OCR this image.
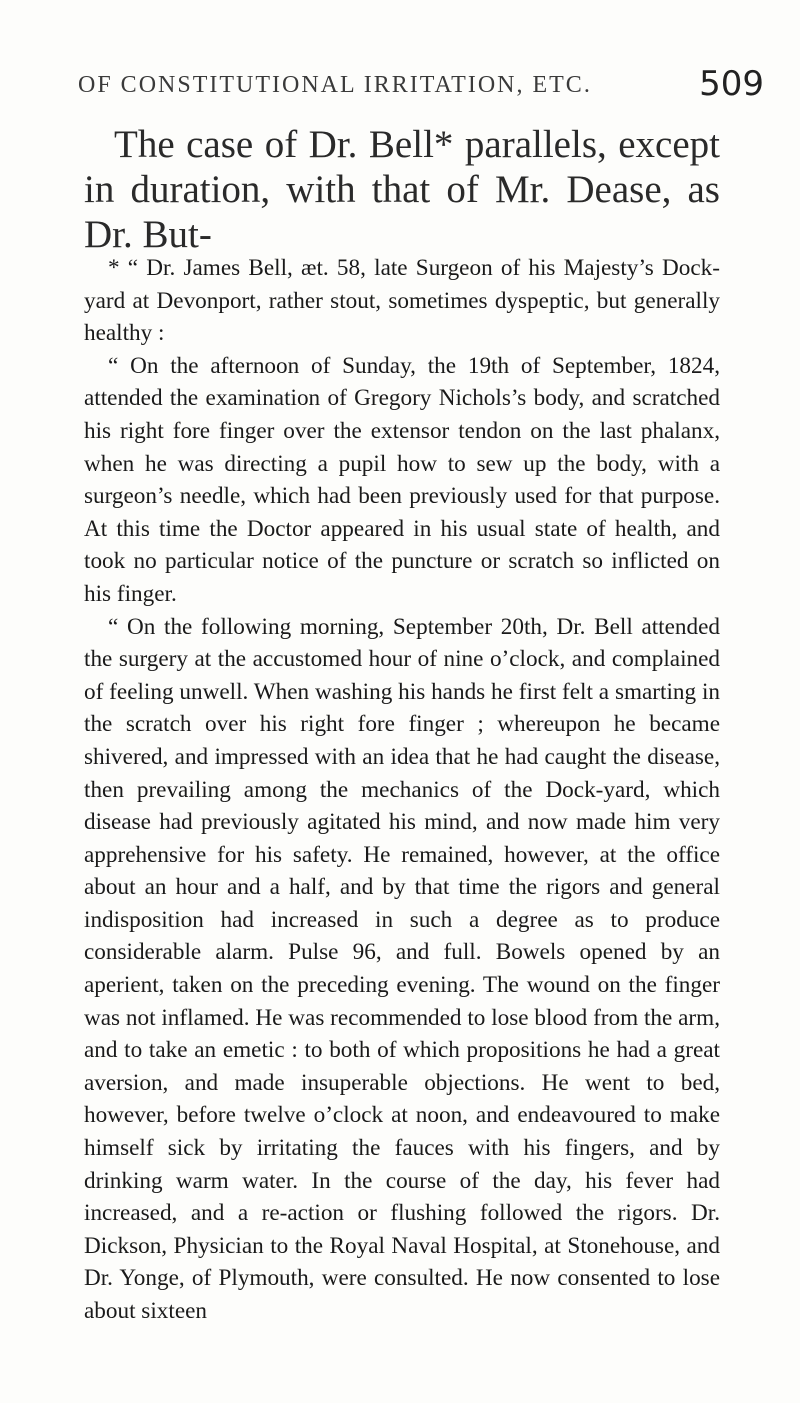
OF CONSTITUTIONAL IRRITATION, ETC.	509

The case of Dr. Bell* parallels, except in duration, with that of Mr. Dease, as Dr. But-

* “ Dr. James Bell, æt. 58, late Surgeon of his Majesty’s Dock-yard at Devonport, rather stout, sometimes dyspeptic, but generally healthy :

“ On the afternoon of Sunday, the 19th of September, 1824, attended the examination of Gregory Nichols’s body, and scratched his right fore finger over the extensor tendon on the last phalanx, when he was directing a pupil how to sew up the body, with a surgeon’s needle, which had been previously used for that purpose. At this time the Doctor appeared in his usual state of health, and took no particular notice of the puncture or scratch so inflicted on his finger.

“ On the following morning, September 20th, Dr. Bell attended the surgery at the accustomed hour of nine o’clock, and complained of feeling unwell. When washing his hands he first felt a smarting in the scratch over his right fore finger ; whereupon he became shivered, and impressed with an idea that he had caught the disease, then prevailing among the mechanics of the Dock-yard, which disease had previously agitated his mind, and now made him very apprehensive for his safety. He remained, however, at the office about an hour and a half, and by that time the rigors and general indisposition had increased in such a degree as to produce considerable alarm. Pulse 96, and full. Bowels opened by an aperient, taken on the preceding evening. The wound on the finger was not inflamed. He was recommended to lose blood from the arm, and to take an emetic : to both of which propositions he had a great aversion, and made insuperable objections. He went to bed, however, before twelve o’clock at noon, and endeavoured to make himself sick by irritating the fauces with his fingers, and by drinking warm water. In the course of the day, his fever had increased, and a re-action or flushing followed the rigors. Dr. Dickson, Physician to the Royal Naval Hospital, at Stonehouse, and Dr. Yonge, of Plymouth, were consulted. He now consented to lose about sixteen
